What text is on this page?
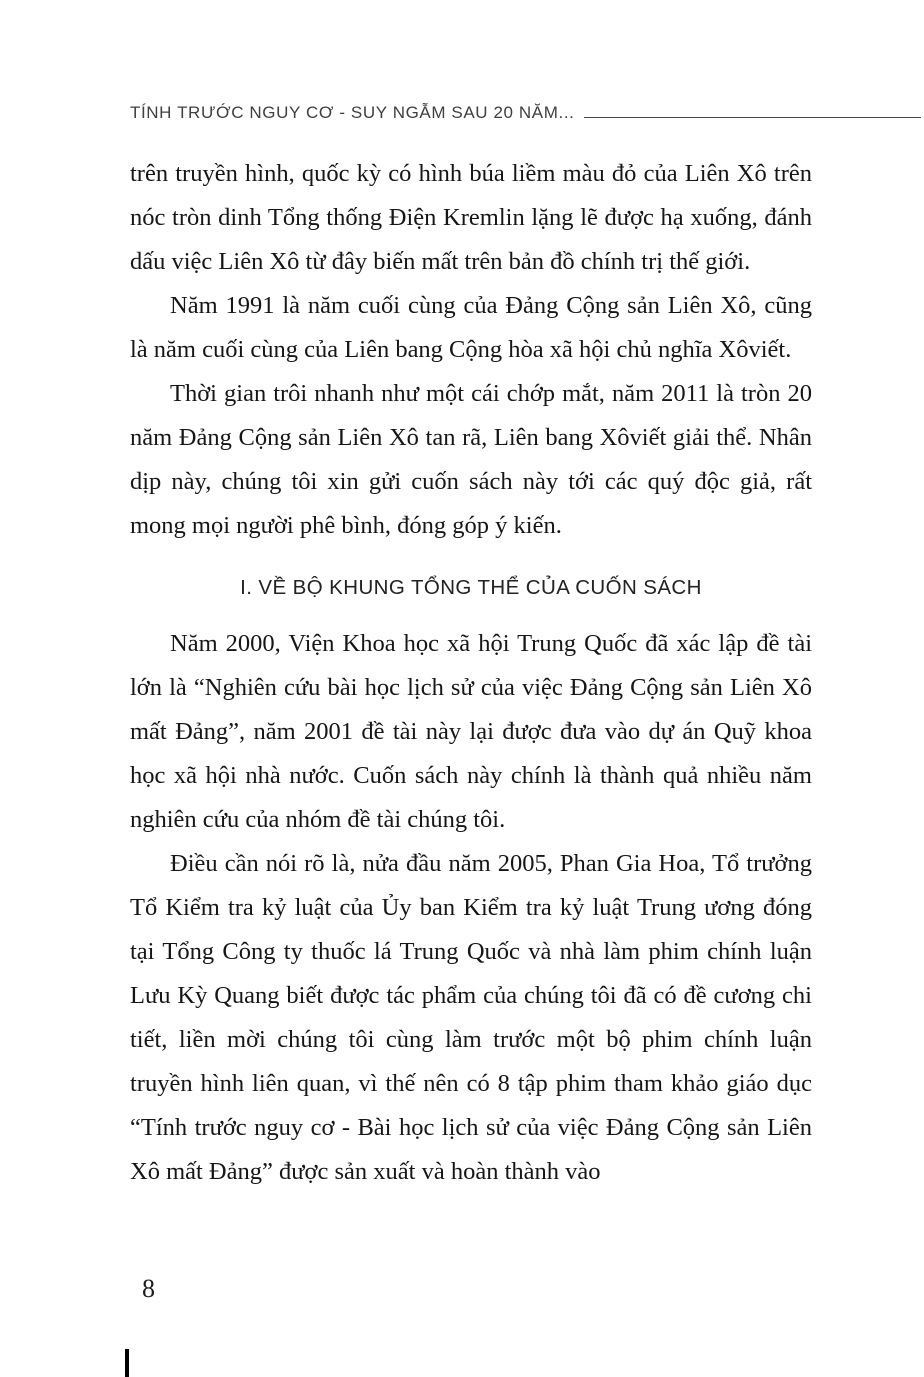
TÍNH TRƯỚC NGUY CƠ - SUY NGẪM SAU 20 NĂM...

trên truyền hình, quốc kỳ có hình búa liềm màu đỏ của Liên Xô trên nóc tròn dinh Tổng thống Điện Kremlin lặng lẽ được hạ xuống, đánh dấu việc Liên Xô từ đây biến mất trên bản đồ chính trị thế giới.

Năm 1991 là năm cuối cùng của Đảng Cộng sản Liên Xô, cũng là năm cuối cùng của Liên bang Cộng hòa xã hội chủ nghĩa Xôviết.

Thời gian trôi nhanh như một cái chớp mắt, năm 2011 là tròn 20 năm Đảng Cộng sản Liên Xô tan rã, Liên bang Xôviết giải thể. Nhân dịp này, chúng tôi xin gửi cuốn sách này tới các quý độc giả, rất mong mọi người phê bình, đóng góp ý kiến.

I. VỀ BỘ KHUNG TỔNG THỂ CỦA CUỐN SÁCH

Năm 2000, Viện Khoa học xã hội Trung Quốc đã xác lập đề tài lớn là “Nghiên cứu bài học lịch sử của việc Đảng Cộng sản Liên Xô mất Đảng”, năm 2001 đề tài này lại được đưa vào dự án Quỹ khoa học xã hội nhà nước. Cuốn sách này chính là thành quả nhiều năm nghiên cứu của nhóm đề tài chúng tôi.

Điều cần nói rõ là, nửa đầu năm 2005, Phan Gia Hoa, Tổ trưởng Tổ Kiểm tra kỷ luật của Ủy ban Kiểm tra kỷ luật Trung ương đóng tại Tổng Công ty thuốc lá Trung Quốc và nhà làm phim chính luận Lưu Kỳ Quang biết được tác phẩm của chúng tôi đã có đề cương chi tiết, liền mời chúng tôi cùng làm trước một bộ phim chính luận truyền hình liên quan, vì thế nên có 8 tập phim tham khảo giáo dục “Tính trước nguy cơ - Bài học lịch sử của việc Đảng Cộng sản Liên Xô mất Đảng” được sản xuất và hoàn thành vào

8
